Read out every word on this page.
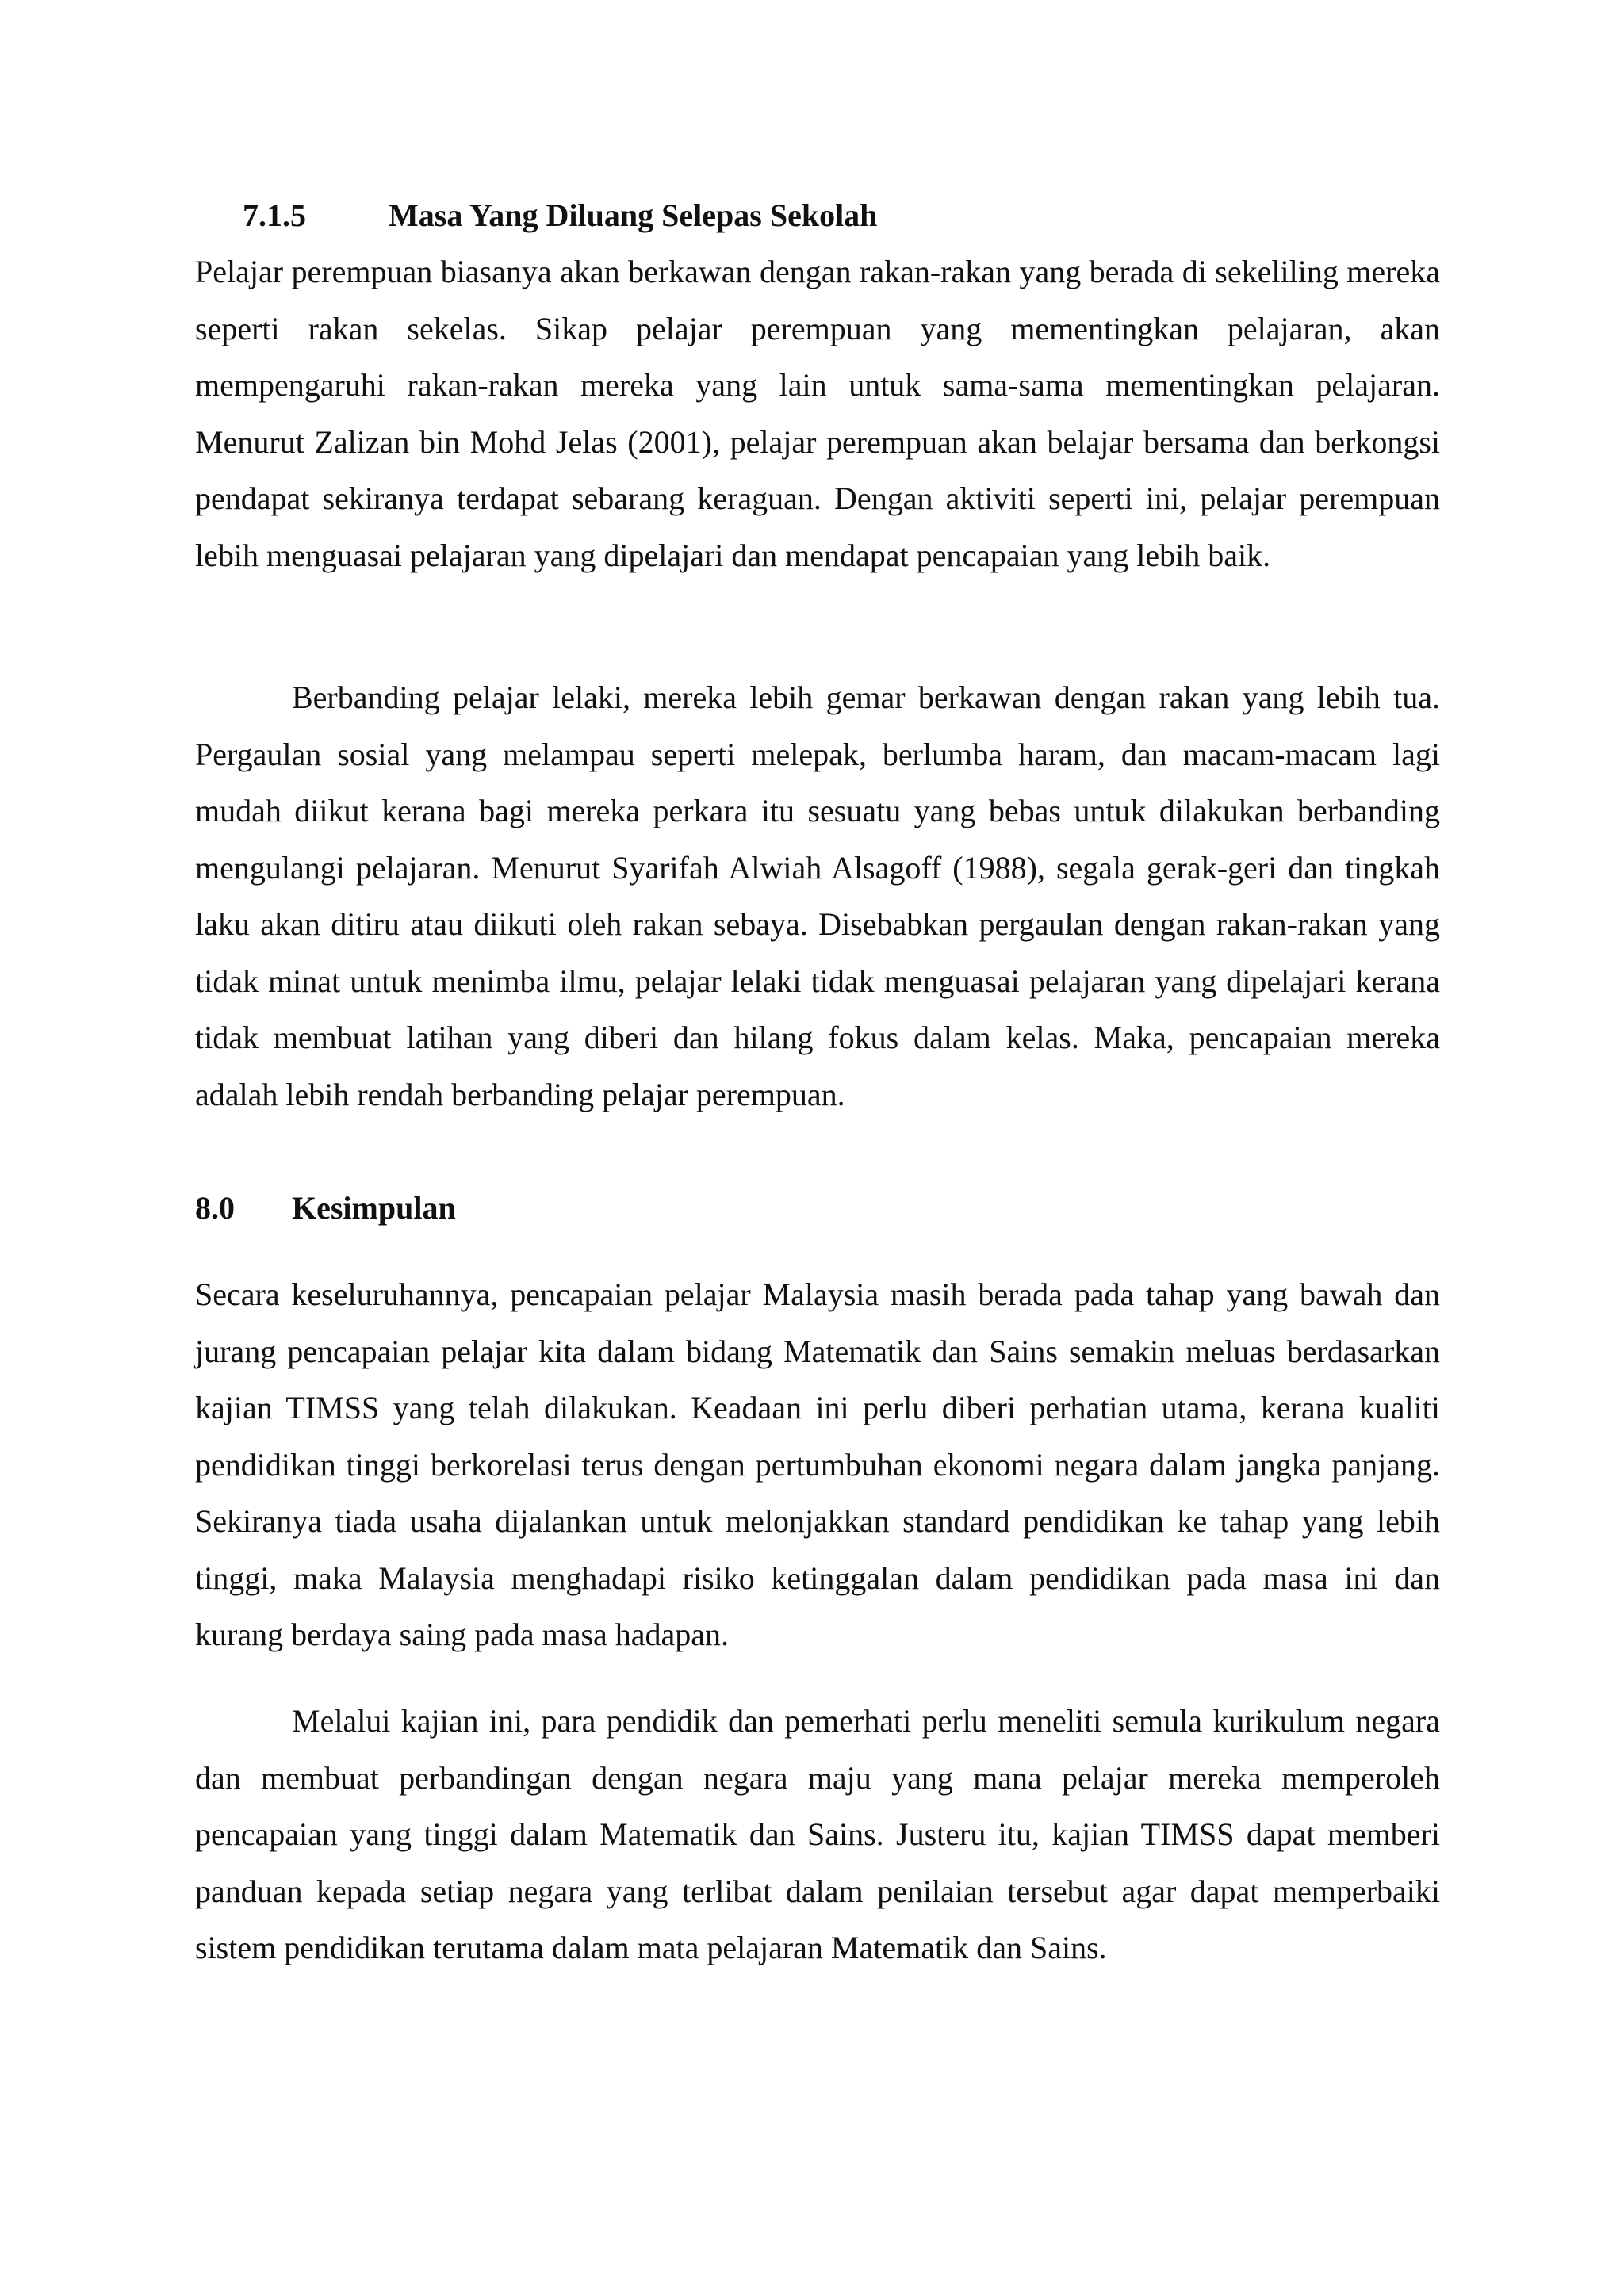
7.1.5	Masa Yang Diluang Selepas Sekolah

Pelajar perempuan biasanya akan berkawan dengan rakan-rakan yang berada di sekeliling mereka seperti rakan sekelas. Sikap pelajar perempuan yang mementingkan pelajaran, akan mempengaruhi rakan-rakan mereka yang lain untuk sama-sama mementingkan pelajaran. Menurut Zalizan bin Mohd Jelas (2001), pelajar perempuan akan belajar bersama dan berkongsi pendapat sekiranya terdapat sebarang keraguan. Dengan aktiviti seperti ini, pelajar perempuan lebih menguasai pelajaran yang dipelajari dan mendapat pencapaian yang lebih baik.

Berbanding pelajar lelaki, mereka lebih gemar berkawan dengan rakan yang lebih tua. Pergaulan sosial yang melampau seperti melepak, berlumba haram, dan macam-macam lagi mudah diikut kerana bagi mereka perkara itu sesuatu yang bebas untuk dilakukan berbanding mengulangi pelajaran. Menurut Syarifah Alwiah Alsagoff (1988), segala gerak-geri dan tingkah laku akan ditiru atau diikuti oleh rakan sebaya. Disebabkan pergaulan dengan rakan-rakan yang tidak minat untuk menimba ilmu, pelajar lelaki tidak menguasai pelajaran yang dipelajari kerana tidak membuat latihan yang diberi dan hilang fokus dalam kelas. Maka, pencapaian mereka adalah lebih rendah berbanding pelajar perempuan.

8.0 Kesimpulan

Secara keseluruhannya, pencapaian pelajar Malaysia masih berada pada tahap yang bawah dan jurang pencapaian pelajar kita dalam bidang Matematik dan Sains semakin meluas berdasarkan kajian TIMSS yang telah dilakukan. Keadaan ini perlu diberi perhatian utama, kerana kualiti pendidikan tinggi berkorelasi terus dengan pertumbuhan ekonomi negara dalam jangka panjang. Sekiranya tiada usaha dijalankan untuk melonjakkan standard pendidikan ke tahap yang lebih tinggi, maka Malaysia menghadapi risiko ketinggalan dalam pendidikan pada masa ini dan kurang berdaya saing pada masa hadapan.

Melalui kajian ini, para pendidik dan pemerhati perlu meneliti semula kurikulum negara dan membuat perbandingan dengan negara maju yang mana pelajar mereka memperoleh pencapaian yang tinggi dalam Matematik dan Sains. Justeru itu, kajian TIMSS dapat memberi panduan kepada setiap negara yang terlibat dalam penilaian tersebut agar dapat memperbaiki sistem pendidikan terutama dalam mata pelajaran Matematik dan Sains.
